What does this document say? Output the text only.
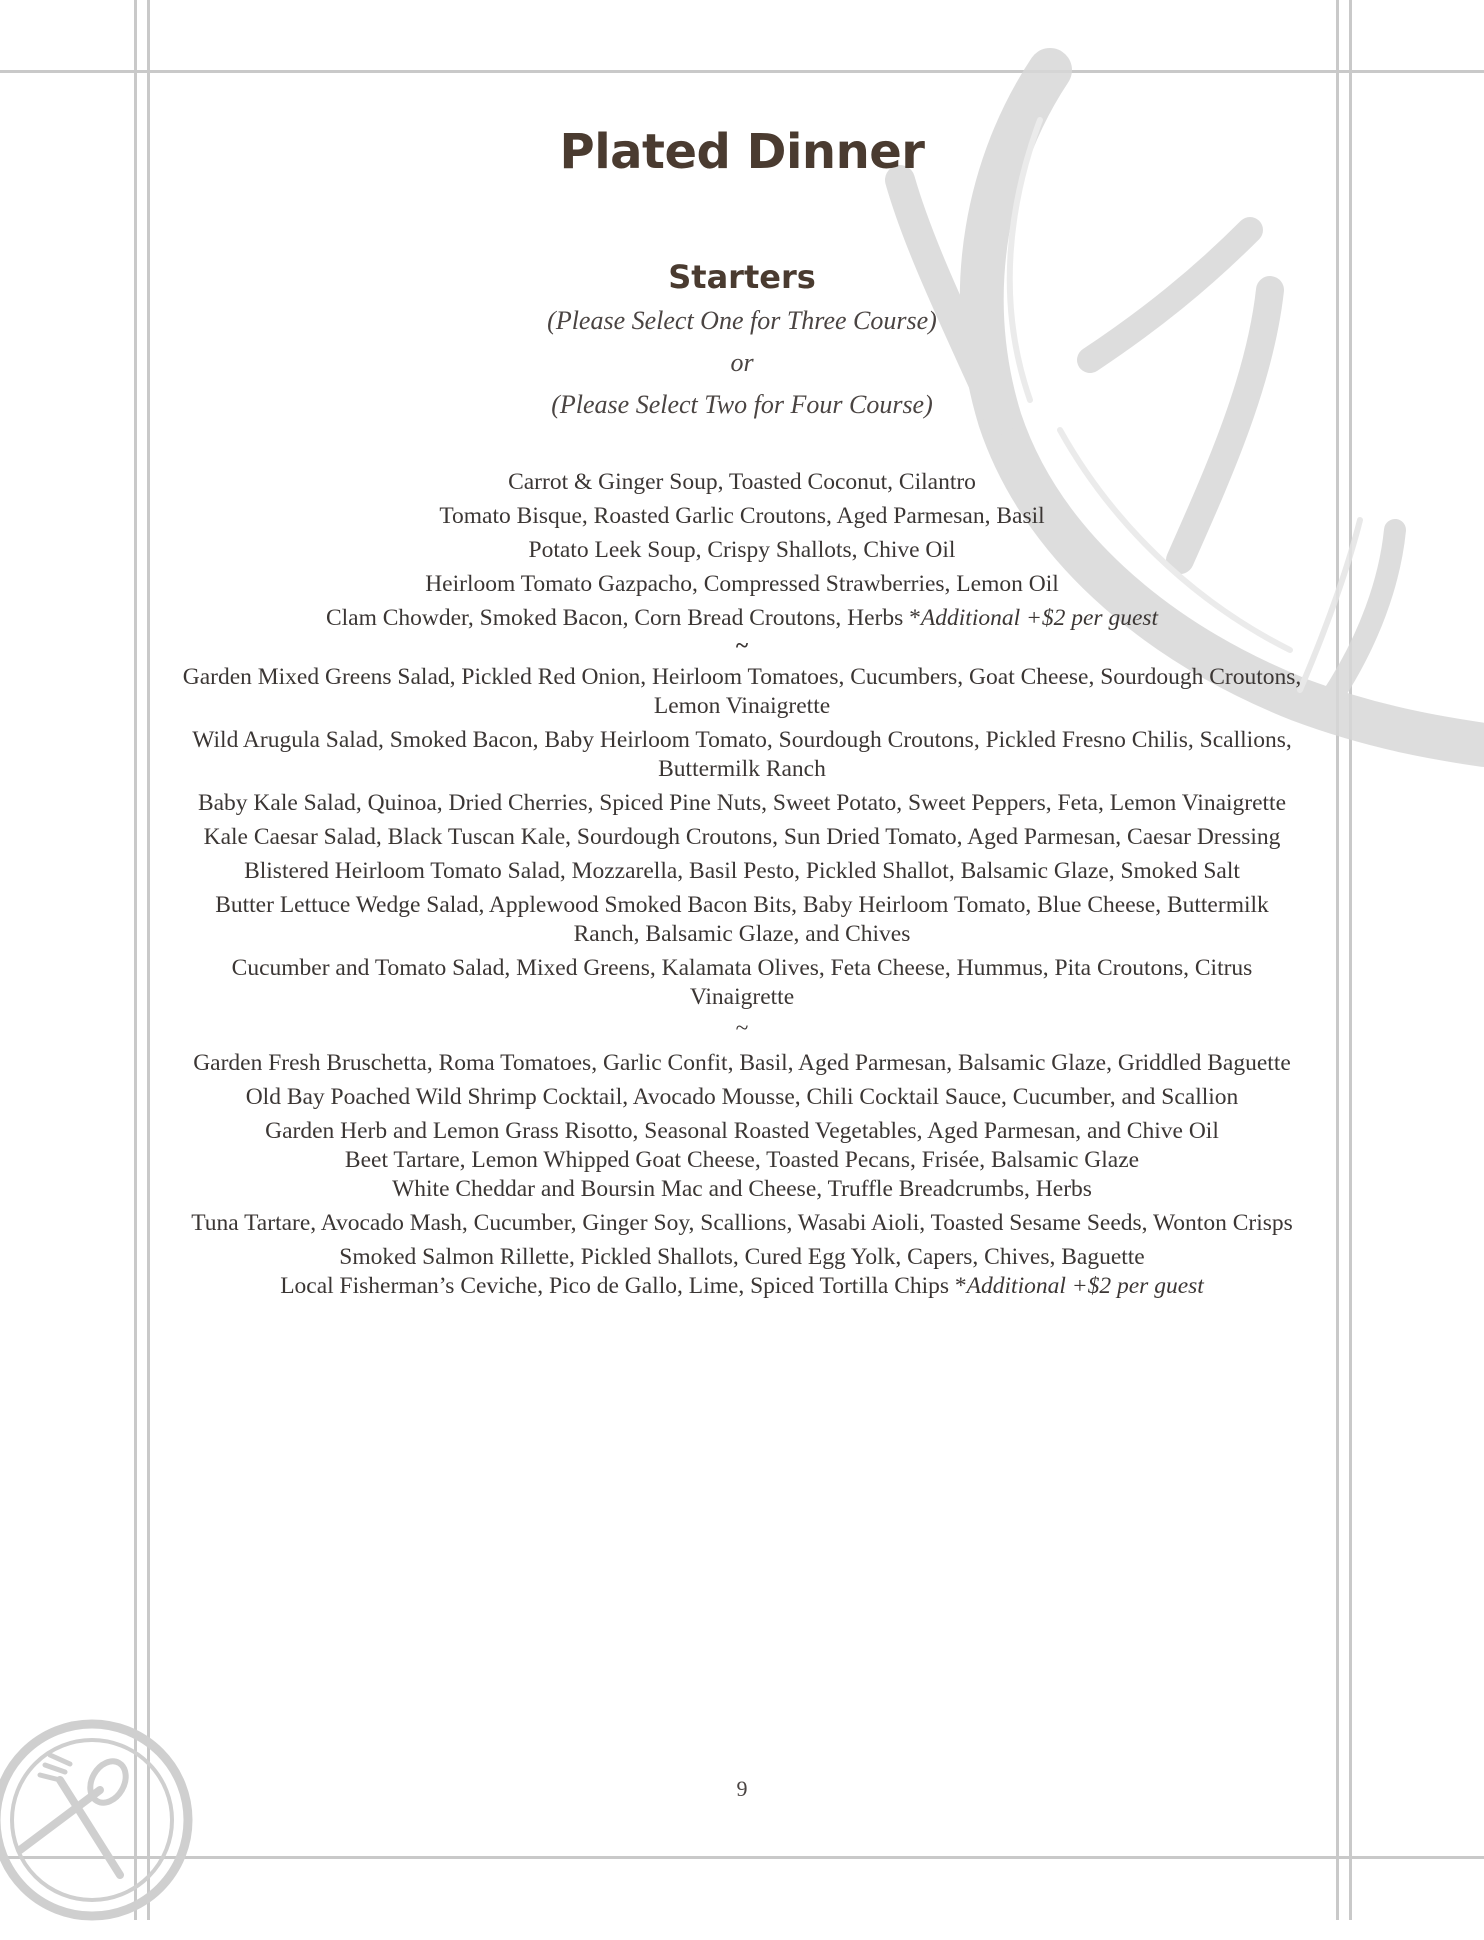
Plated Dinner
Starters
(Please Select One for Three Course)
or
(Please Select Two for Four Course)
Carrot & Ginger Soup, Toasted Coconut, Cilantro
Tomato Bisque, Roasted Garlic Croutons, Aged Parmesan, Basil
Potato Leek Soup, Crispy Shallots, Chive Oil
Heirloom Tomato Gazpacho, Compressed Strawberries, Lemon Oil
Clam Chowder, Smoked Bacon, Corn Bread Croutons, Herbs *Additional +$2 per guest
~
Garden Mixed Greens Salad, Pickled Red Onion, Heirloom Tomatoes, Cucumbers, Goat Cheese, Sourdough Croutons, Lemon Vinaigrette
Wild Arugula Salad, Smoked Bacon, Baby Heirloom Tomato, Sourdough Croutons, Pickled Fresno Chilis, Scallions, Buttermilk Ranch
Baby Kale Salad, Quinoa, Dried Cherries, Spiced Pine Nuts, Sweet Potato, Sweet Peppers, Feta, Lemon Vinaigrette
Kale Caesar Salad, Black Tuscan Kale, Sourdough Croutons, Sun Dried Tomato, Aged Parmesan, Caesar Dressing
Blistered Heirloom Tomato Salad, Mozzarella, Basil Pesto, Pickled Shallot, Balsamic Glaze, Smoked Salt
Butter Lettuce Wedge Salad, Applewood Smoked Bacon Bits, Baby Heirloom Tomato, Blue Cheese, Buttermilk Ranch, Balsamic Glaze, and Chives
Cucumber and Tomato Salad, Mixed Greens, Kalamata Olives, Feta Cheese, Hummus, Pita Croutons, Citrus Vinaigrette
~
Garden Fresh Bruschetta, Roma Tomatoes, Garlic Confit, Basil, Aged Parmesan, Balsamic Glaze, Griddled Baguette
Old Bay Poached Wild Shrimp Cocktail, Avocado Mousse, Chili Cocktail Sauce, Cucumber, and Scallion
Garden Herb and Lemon Grass Risotto, Seasonal Roasted Vegetables, Aged Parmesan, and Chive Oil
Beet Tartare, Lemon Whipped Goat Cheese, Toasted Pecans, Frisée, Balsamic Glaze
White Cheddar and Boursin Mac and Cheese, Truffle Breadcrumbs, Herbs
Tuna Tartare, Avocado Mash, Cucumber, Ginger Soy, Scallions, Wasabi Aioli, Toasted Sesame Seeds, Wonton Crisps
Smoked Salmon Rillette, Pickled Shallots, Cured Egg Yolk, Capers, Chives, Baguette
Local Fisherman’s Ceviche, Pico de Gallo, Lime, Spiced Tortilla Chips *Additional +$2 per guest
9
